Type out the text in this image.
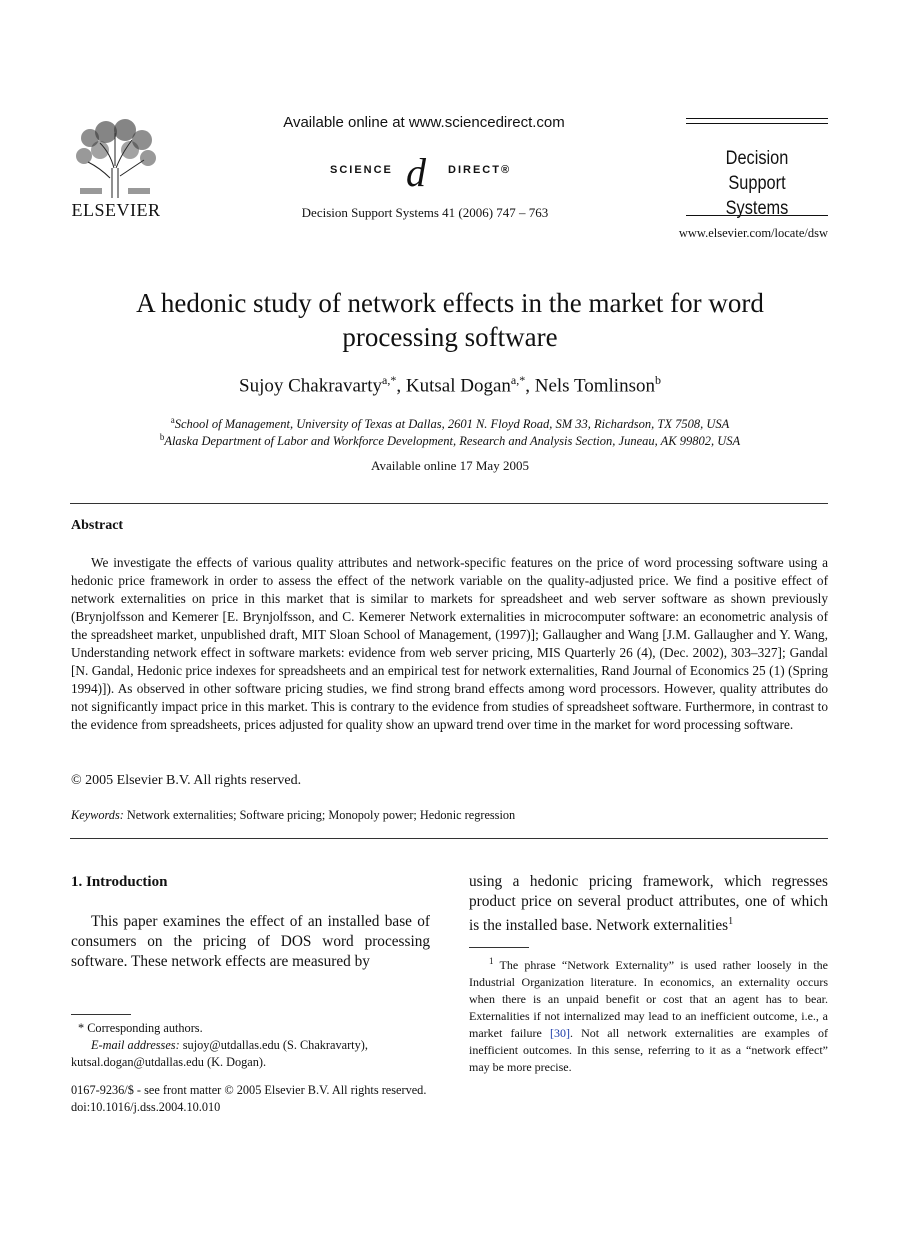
ELSEVIER
Available online at www.sciencedirect.com
SCIENCE d DIRECT®
Decision Support Systems 41 (2006) 747 – 763
Decision Support
Systems
www.elsevier.com/locate/dsw
A hedonic study of network effects in the market for word
processing software
Sujoy Chakravarty$^{a,*}$, Kutsal Dogan$^{a,*}$, Nels Tomlinson$^b$
$^a$School of Management, University of Texas at Dallas, 2601 N. Floyd Road, SM 33, Richardson, TX 7508, USA
$^b$Alaska Department of Labor and Workforce Development, Research and Analysis Section, Juneau, AK 99802, USA
Available online 17 May 2005
Abstract
We investigate the effects of various quality attributes and network-specific features on the price of word processing software using a hedonic price framework in order to assess the effect of the network variable on the quality-adjusted price. We find a positive effect of network externalities on price in this market that is similar to markets for spreadsheet and web server software as shown previously (Brynjolfsson and Kemerer [E. Brynjolfsson, and C. Kemerer Network externalities in microcomputer software: an econometric analysis of the spreadsheet market, unpublished draft, MIT Sloan School of Management, (1997)]; Gallaugher and Wang [J.M. Gallaugher and Y. Wang, Understanding network effect in software markets: evidence from web server pricing, MIS Quarterly 26 (4), (Dec. 2002), 303–327]; Gandal [N. Gandal, Hedonic price indexes for spreadsheets and an empirical test for network externalities, Rand Journal of Economics 25 (1) (Spring 1994)]). As observed in other software pricing studies, we find strong brand effects among word processors. However, quality attributes do not significantly impact price in this market. This is contrary to the evidence from studies of spreadsheet software. Furthermore, in contrast to the evidence from spreadsheets, prices adjusted for quality show an upward trend over time in the market for word processing software.
© 2005 Elsevier B.V. All rights reserved.
Keywords: Network externalities; Software pricing; Monopoly power; Hedonic regression
1. Introduction
This paper examines the effect of an installed base of consumers on the pricing of DOS word processing software. These network effects are measured by
* Corresponding authors.
E-mail addresses: sujoy@utdallas.edu (S. Chakravarty),
kutsal.dogan@utdallas.edu (K. Dogan).
0167-9236/$ - see front matter © 2005 Elsevier B.V. All rights reserved.
doi:10.1016/j.dss.2004.10.010
using a hedonic pricing framework, which regresses product price on several product attributes, one of which is the installed base. Network externalities$^1$
$^1$ The phrase “Network Externality” is used rather loosely in the Industrial Organization literature. In economics, an externality occurs when there is an unpaid benefit or cost that an agent has to bear. Externalities if not internalized may lead to an inefficient outcome, i.e., a market failure [30]. Not all network externalities are examples of inefficient outcomes. In this sense, referring to it as a “network effect” may be more precise.
